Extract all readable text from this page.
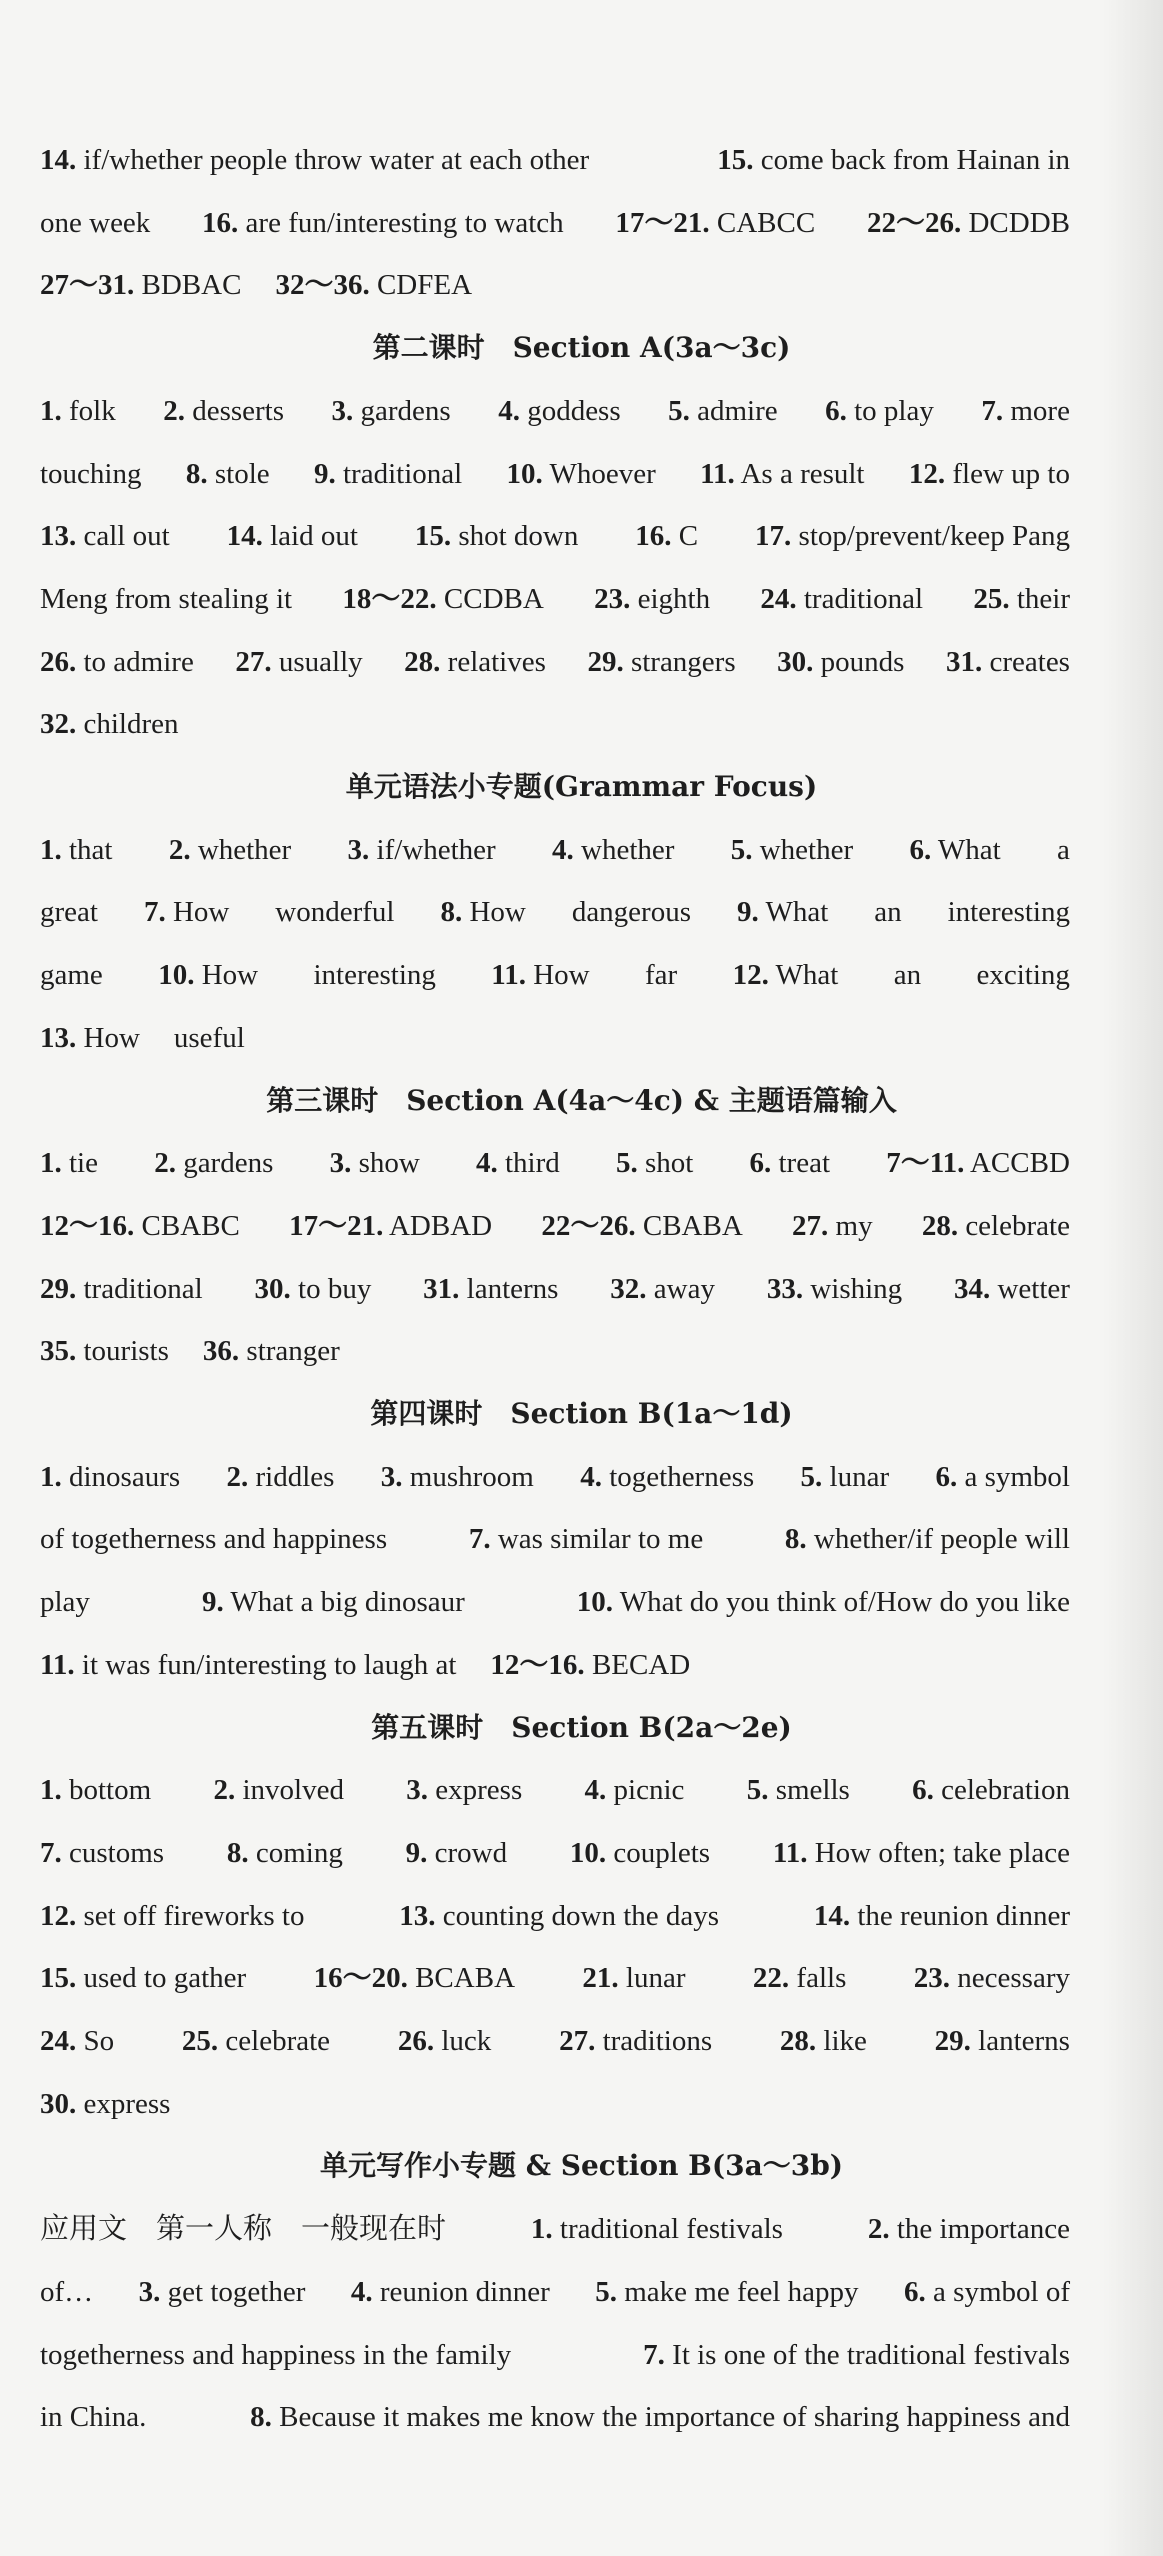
14. if/whether people throw water at each other	15. come back from Hainan in
one week 16. are fun/interesting to watch 17～21. CABCC 22～26. DCDDB
27～31. BDBAC 32～36. CDFEA
第二课时　Section A(3a～3c)
1. folk 2. desserts 3. gardens 4. goddess 5. admire 6. to play 7. more
touching 8. stole 9. traditional 10. Whoever 11. As a result 12. flew up to
13. call out 14. laid out 15. shot down 16. C 17. stop/prevent/keep Pang
Meng from stealing it 18～22. CCDBA 23. eighth 24. traditional 25. their
26. to admire 27. usually 28. relatives 29. strangers 30. pounds 31. creates
32. children
单元语法小专题(Grammar Focus)
1. that 2. whether 3. if/whether 4. whether 5. whether 6. What a
great 7. How wonderful 8. How dangerous 9. What an interesting
game 10. How interesting 11. How far 12. What an exciting
13. How useful
第三课时　Section A(4a～4c) & 主题语篇输入
1. tie 2. gardens 3. show 4. third 5. shot 6. treat 7～11. ACCBD
12～16. CBABC 17～21. ADBAD 22～26. CBABA 27. my 28. celebrate
29. traditional 30. to buy 31. lanterns 32. away 33. wishing 34. wetter
35. tourists 36. stranger
第四课时　Section B(1a～1d)
1. dinosaurs 2. riddles 3. mushroom 4. togetherness 5. lunar 6. a symbol
of togetherness and happiness	7. was similar to me	8. whether/if people will
play	9. What a big dinosaur	10. What do you think of/How do you like
11. it was fun/interesting to laugh at 12～16. BECAD
第五课时　Section B(2a～2e)
1. bottom 2. involved 3. express 4. picnic 5. smells 6. celebration
7. customs 8. coming 9. crowd 10. couplets 11. How often; take place
12. set off fireworks to	13. counting down the days	14. the reunion dinner
15. used to gather 16～20. BCABA 21. lunar 22. falls 23. necessary
24. So 25. celebrate 26. luck 27. traditions 28. like 29. lanterns
30. express
单元写作小专题 & Section B(3a～3b)
应用文　第一人称　一般现在时	1. traditional festivals	2. the importance
of… 3. get together 4. reunion dinner 5. make me feel happy 6. a symbol of
togetherness and happiness in the family	7. It is one of the traditional festivals
in China.	8. Because it makes me know the importance of sharing happiness and
